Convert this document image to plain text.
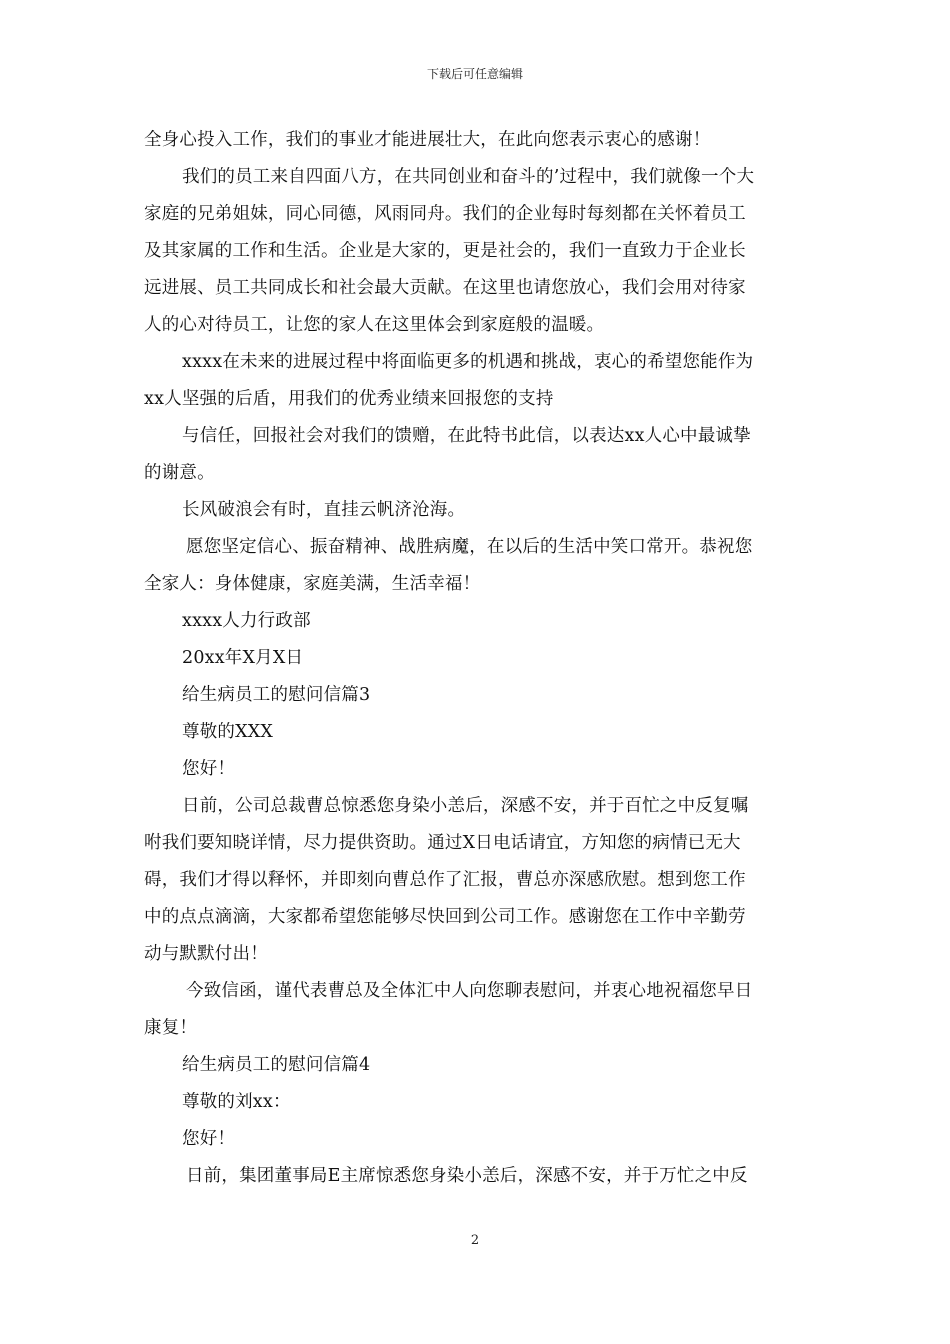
下载后可任意编辑
全身心投入工作，我们的事业才能进展壮大，在此向您表示衷心的感谢！
我们的员工来自四面八方，在共同创业和奋斗的’过程中，我们就像一个大
家庭的兄弟姐妹，同心同德，风雨同舟。我们的企业每时每刻都在关怀着员工
及其家属的工作和生活。企业是大家的，更是社会的，我们一直致力于企业长
远进展、员工共同成长和社会最大贡献。在这里也请您放心，我们会用对待家
人的心对待员工，让您的家人在这里体会到家庭般的温暖。
xxxx在未来的进展过程中将面临更多的机遇和挑战，衷心的希望您能作为
xx人坚强的后盾，用我们的优秀业绩来回报您的支持
与信任，回报社会对我们的馈赠，在此特书此信，以表达xx人心中最诚挚
的谢意。
长风破浪会有时，直挂云帆济沧海。
愿您坚定信心、振奋精神、战胜病魔，在以后的生活中笑口常开。恭祝您
全家人：身体健康，家庭美满，生活幸福！
xxxx人力行政部
20xx年X月X日
给生病员工的慰问信篇3
尊敬的XXX
您好！
日前，公司总裁曹总惊悉您身染小恙后，深感不安，并于百忙之中反复嘱
咐我们要知晓详情，尽力提供资助。通过X日电话请宜，方知您的病情已无大
碍，我们才得以释怀，并即刻向曹总作了汇报，曹总亦深感欣慰。想到您工作
中的点点滴滴，大家都希望您能够尽快回到公司工作。感谢您在工作中辛勤劳
动与默默付出！
今致信函，谨代表曹总及全体汇中人向您聊表慰问，并衷心地祝福您早日
康复！
给生病员工的慰问信篇4
尊敬的刘xx：
您好！
日前，集团董事局E主席惊悉您身染小恙后，深感不安，并于万忙之中反
2
